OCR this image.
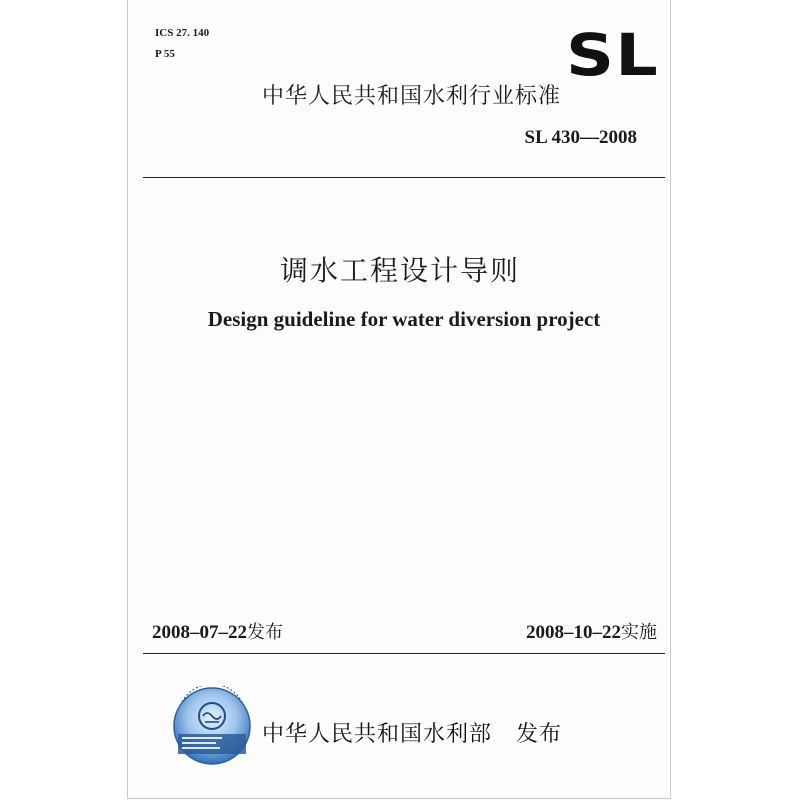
ICS 27. 140
P 55	SL
中华人民共和国水利行业标准
SL 430—2008
调水工程设计导则
Design guideline for water diversion project
2008–07–22发布	2008–10–22实施
中华人民共和国水利部   发布
